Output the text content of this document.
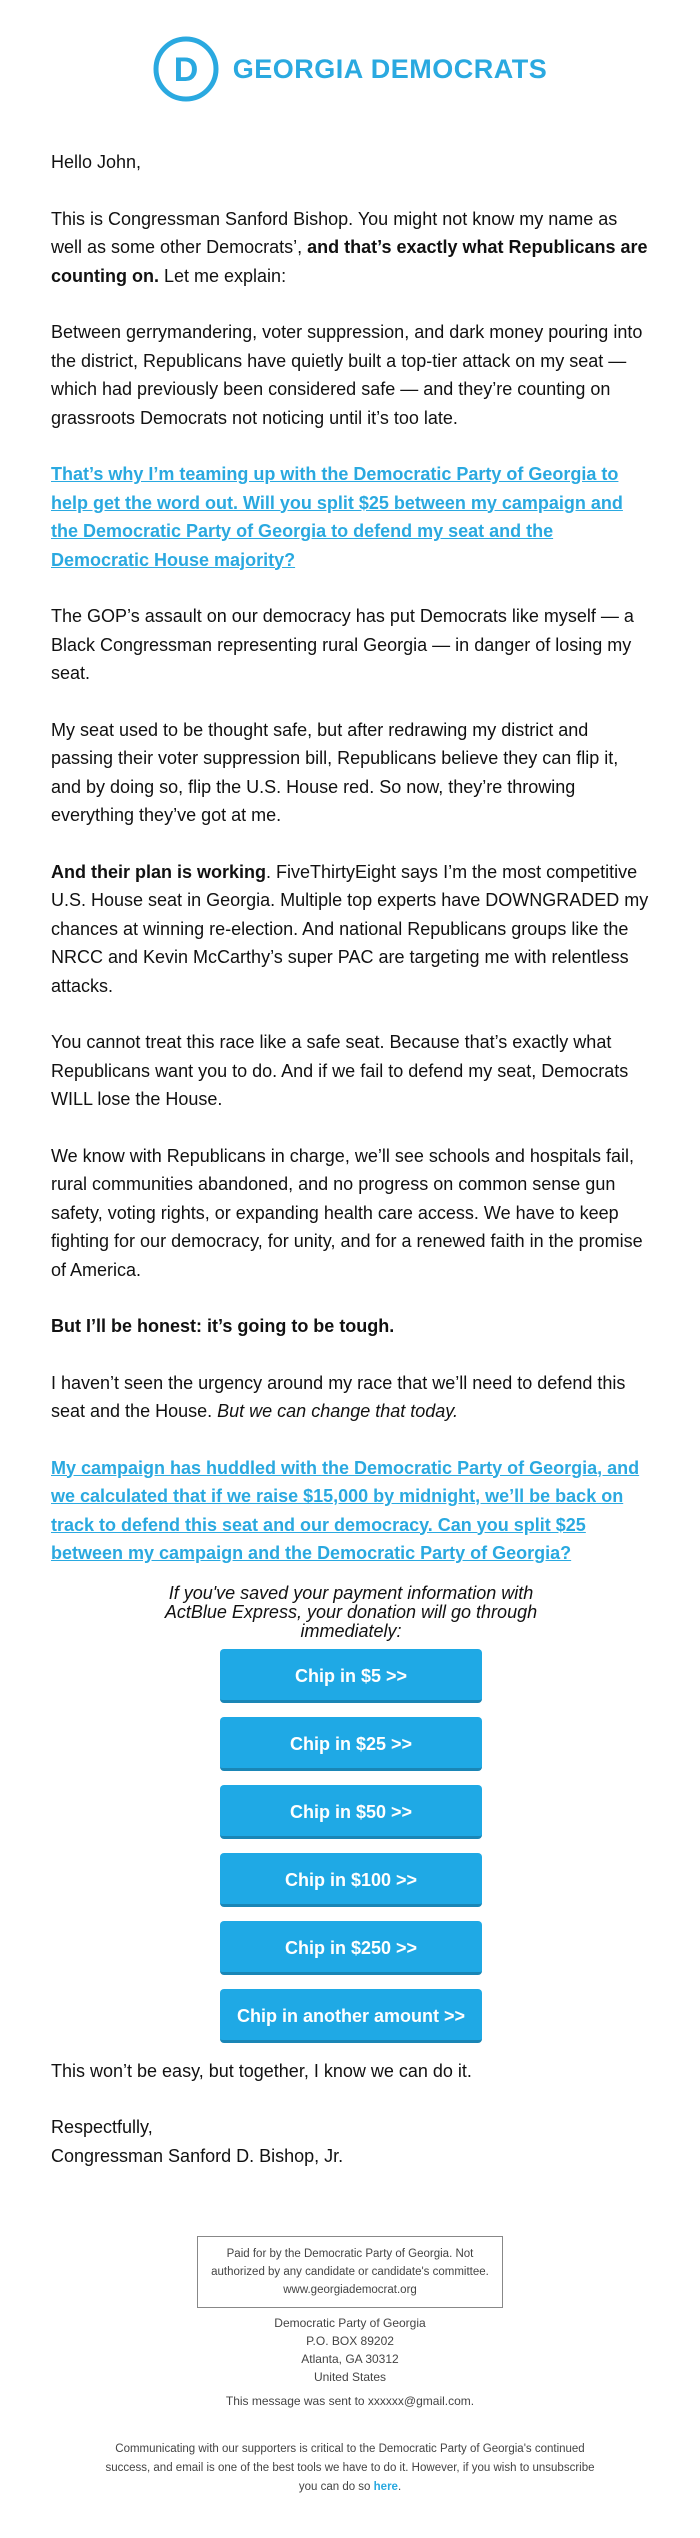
D GEORGIA DEMOCRATS

Hello John,

This is Congressman Sanford Bishop. You might not know my name as well as some other Democrats’, and that’s exactly what Republicans are counting on. Let me explain:

Between gerrymandering, voter suppression, and dark money pouring into the district, Republicans have quietly built a top-tier attack on my seat — which had previously been considered safe — and they’re counting on grassroots Democrats not noticing until it’s too late.

That’s why I’m teaming up with the Democratic Party of Georgia to help get the word out. Will you split $25 between my campaign and the Democratic Party of Georgia to defend my seat and the Democratic House majority?

The GOP’s assault on our democracy has put Democrats like myself — a Black Congressman representing rural Georgia — in danger of losing my seat.

My seat used to be thought safe, but after redrawing my district and passing their voter suppression bill, Republicans believe they can flip it, and by doing so, flip the U.S. House red. So now, they’re throwing everything they’ve got at me.

And their plan is working. FiveThirtyEight says I’m the most competitive U.S. House seat in Georgia. Multiple top experts have DOWNGRADED my chances at winning re-election. And national Republicans groups like the NRCC and Kevin McCarthy’s super PAC are targeting me with relentless attacks.

You cannot treat this race like a safe seat. Because that’s exactly what Republicans want you to do. And if we fail to defend my seat, Democrats WILL lose the House.

We know with Republicans in charge, we’ll see schools and hospitals fail, rural communities abandoned, and no progress on common sense gun safety, voting rights, or expanding health care access. We have to keep fighting for our democracy, for unity, and for a renewed faith in the promise of America.

But I’ll be honest: it’s going to be tough.

I haven’t seen the urgency around my race that we’ll need to defend this seat and the House. But we can change that today.

My campaign has huddled with the Democratic Party of Georgia, and we calculated that if we raise $15,000 by midnight, we’ll be back on track to defend this seat and our democracy. Can you split $25 between my campaign and the Democratic Party of Georgia?

If you've saved your payment information with ActBlue Express, your donation will go through immediately:
Chip in $5 >>
Chip in $25 >>
Chip in $50 >>
Chip in $100 >>
Chip in $250 >>
Chip in another amount >>

This won’t be easy, but together, I know we can do it.

Respectfully,
Congressman Sanford D. Bishop, Jr.

Paid for by the Democratic Party of Georgia. Not authorized by any candidate or candidate's committee.
www.georgiademocrat.org
Democratic Party of Georgia
P.O. BOX 89202
Atlanta, GA 30312
United States
This message was sent to xxxxxx@gmail.com.
Communicating with our supporters is critical to the Democratic Party of Georgia's continued success, and email is one of the best tools we have to do it. However, if you wish to unsubscribe you can do so here.
